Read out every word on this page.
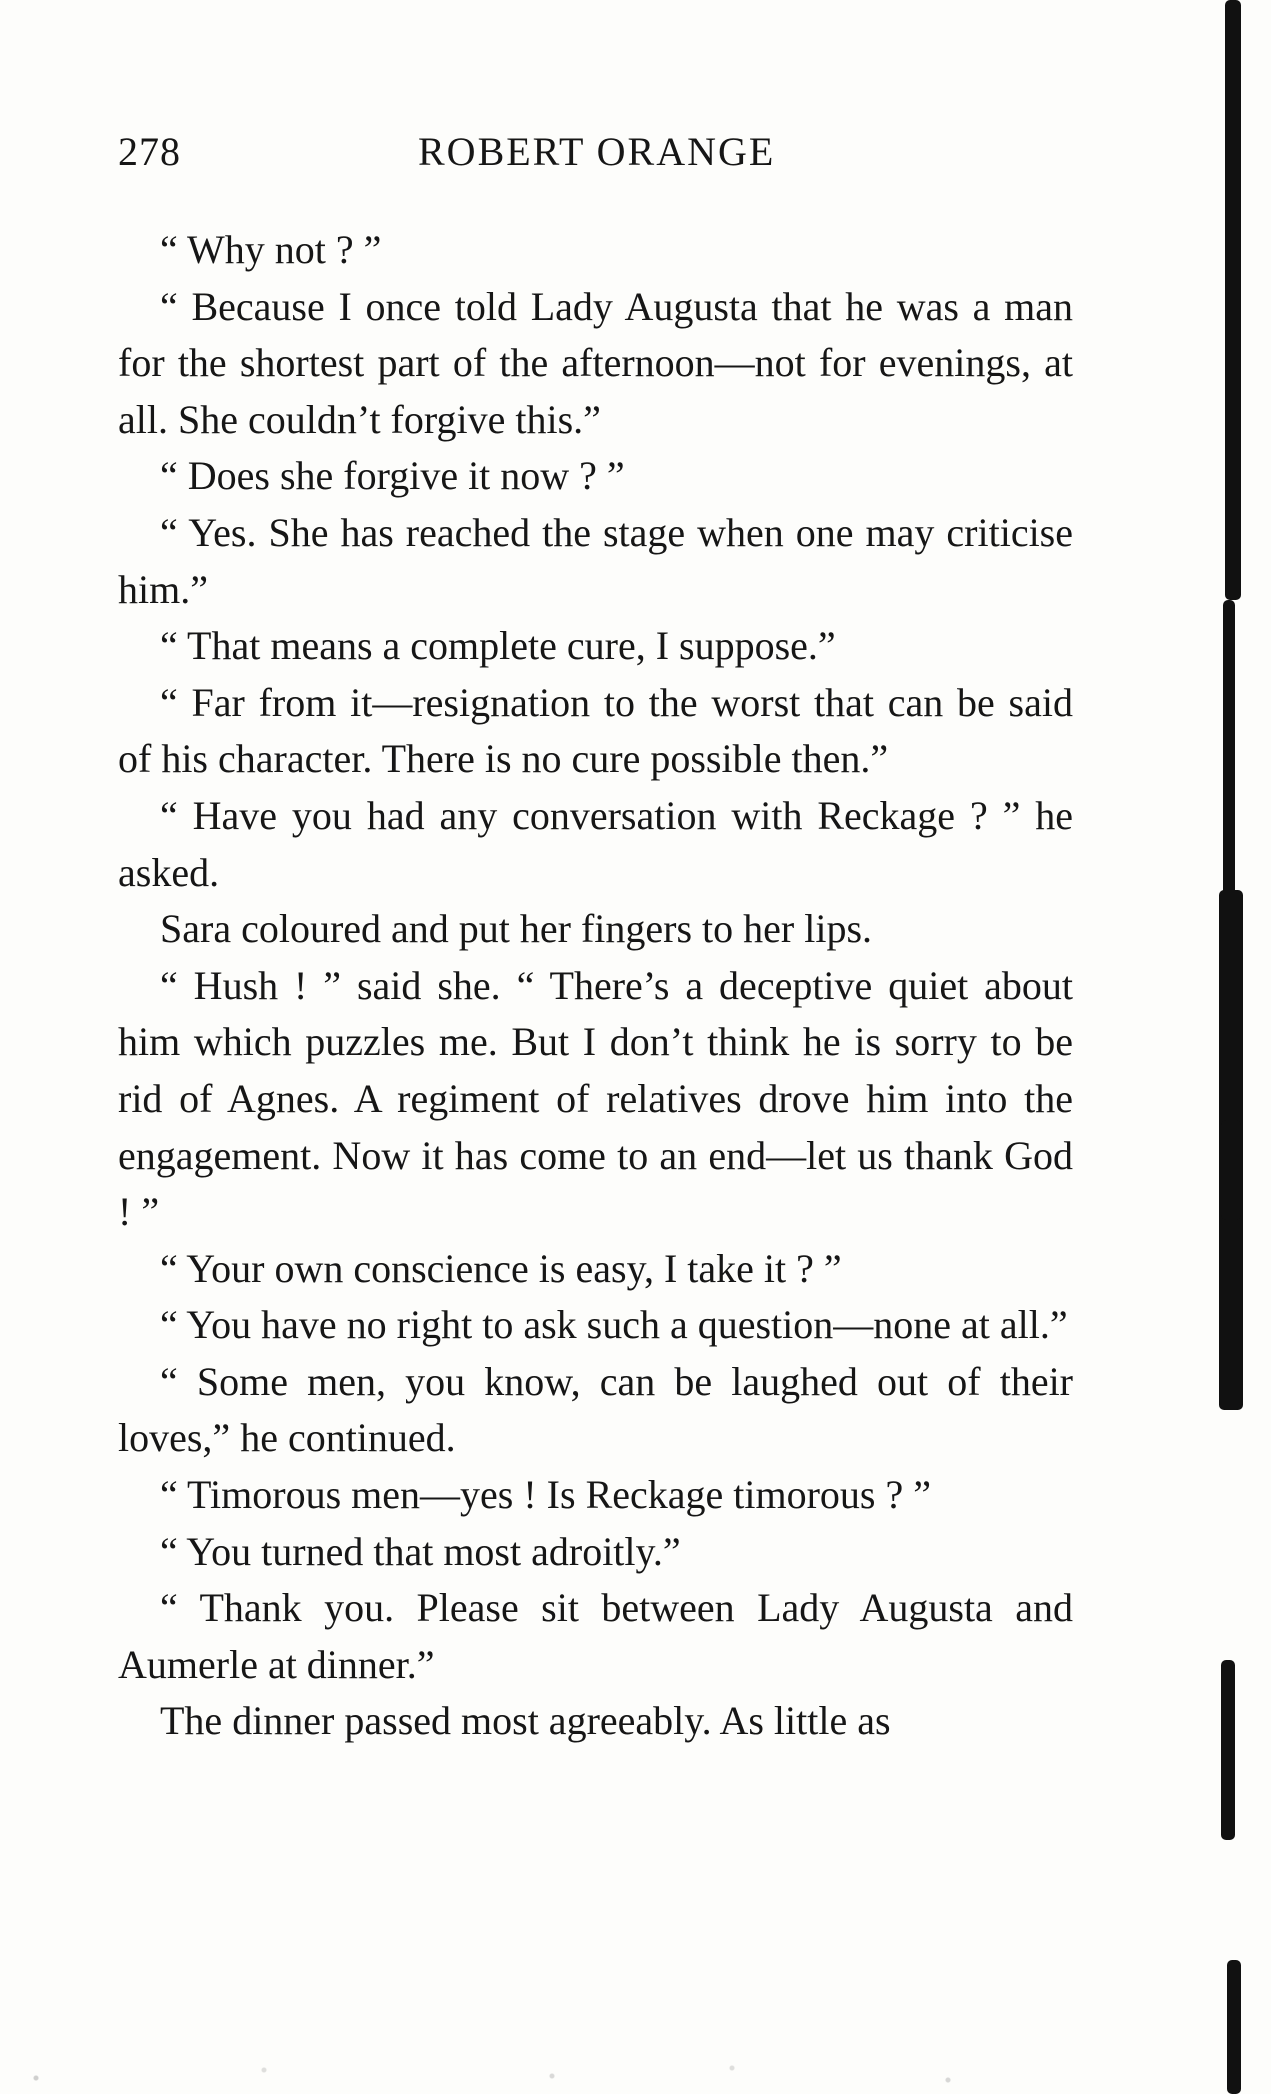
278	ROBERT ORANGE

“ Why not ? ”

“ Because I once told Lady Augusta that he was a man for the shortest part of the afternoon—not for evenings, at all. She couldn’t forgive this.”

“ Does she forgive it now ? ”

“ Yes. She has reached the stage when one may criticise him.”

“ That means a complete cure, I suppose.”

“ Far from it—resignation to the worst that can be said of his character. There is no cure possible then.”

“ Have you had any conversation with Reckage ? ” he asked.

Sara coloured and put her fingers to her lips.

“ Hush ! ” said she. “ There’s a deceptive quiet about him which puzzles me. But I don’t think he is sorry to be rid of Agnes. A regiment of relatives drove him into the engagement. Now it has come to an end—let us thank God ! ”

“ Your own conscience is easy, I take it ? ”

“ You have no right to ask such a question—none at all.”

“ Some men, you know, can be laughed out of their loves,” he continued.

“ Timorous men—yes ! Is Reckage timorous ? ”

“ You turned that most adroitly.”

“ Thank you. Please sit between Lady Augusta and Aumerle at dinner.”

The dinner passed most agreeably. As little as
